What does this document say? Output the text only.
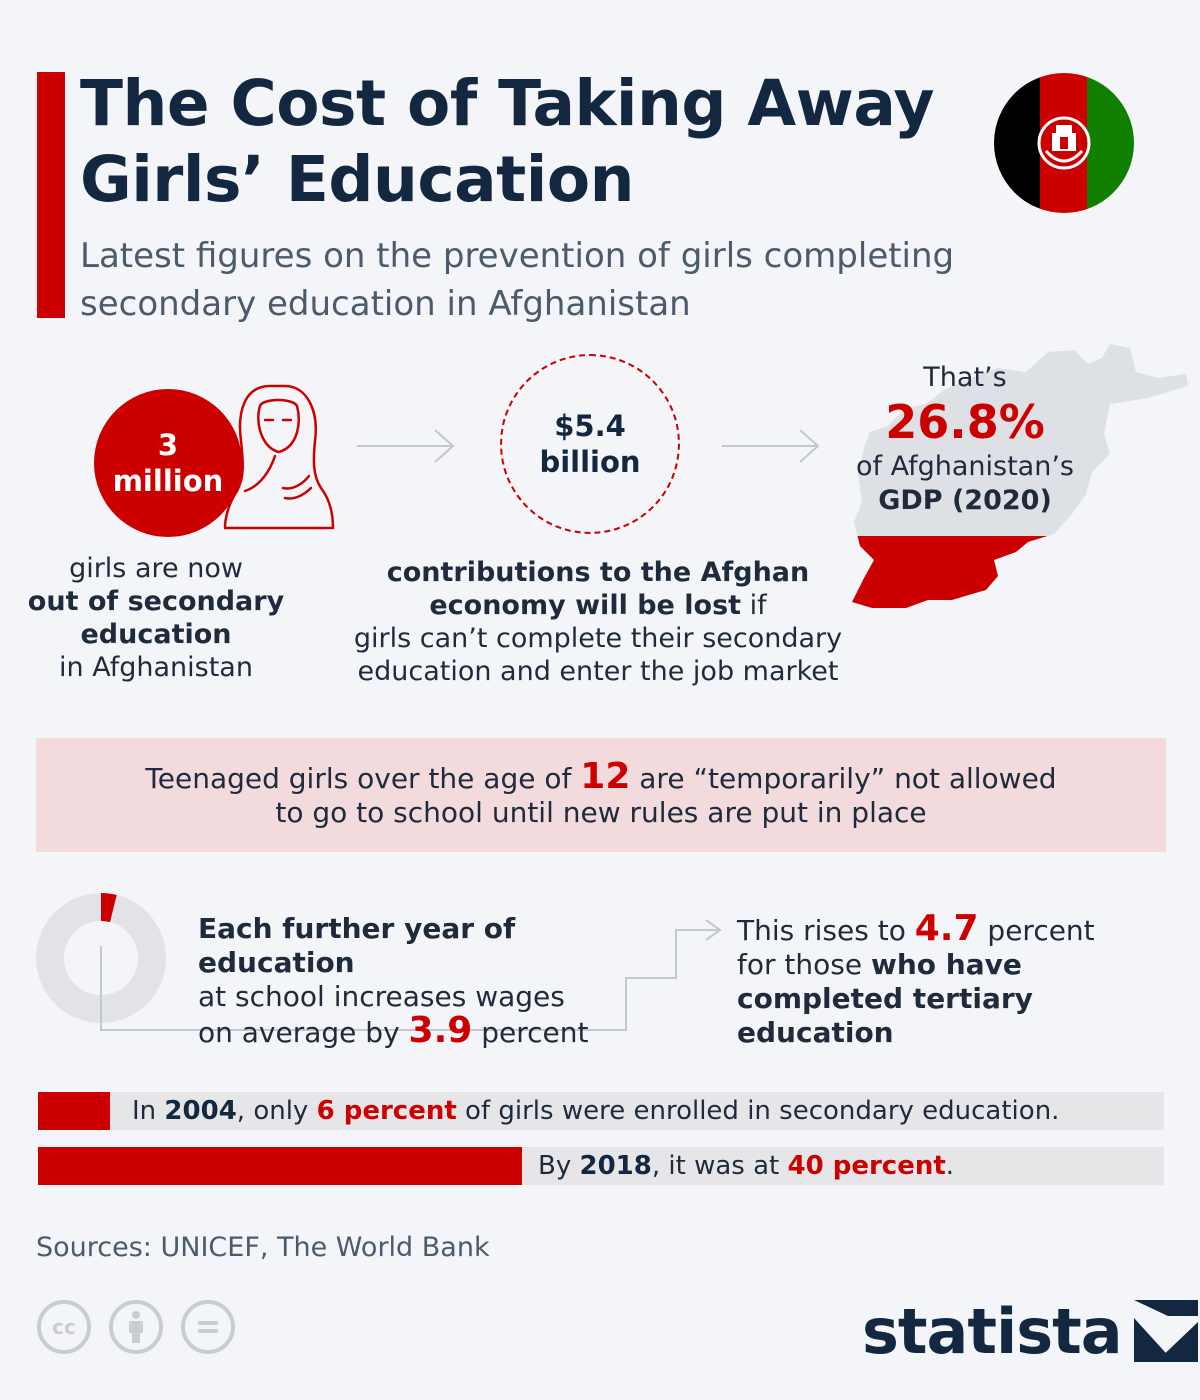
The Cost of Taking Away
Girls’ Education
Latest figures on the prevention of girls completing
secondary education in Afghanistan
3
million
girls are now
out of secondary
education
in Afghanistan
$5.4
billion
contributions to the Afghan
economy will be lost if
girls can’t complete their secondary
education and enter the job market
That’s
26.8%
of Afghanistan’s
GDP (2020)
Teenaged girls over the age of 12 are “temporarily” not allowed
to go to school until new rules are put in place
Each further year of education
at school increases wages
on average by 3.9 percent
This rises to 4.7 percent
for those who have
completed tertiary education
In 2004, only 6 percent of girls were enrolled in secondary education.
By 2018, it was at 40 percent.
Sources: UNICEF, The World Bank
cc	statista
